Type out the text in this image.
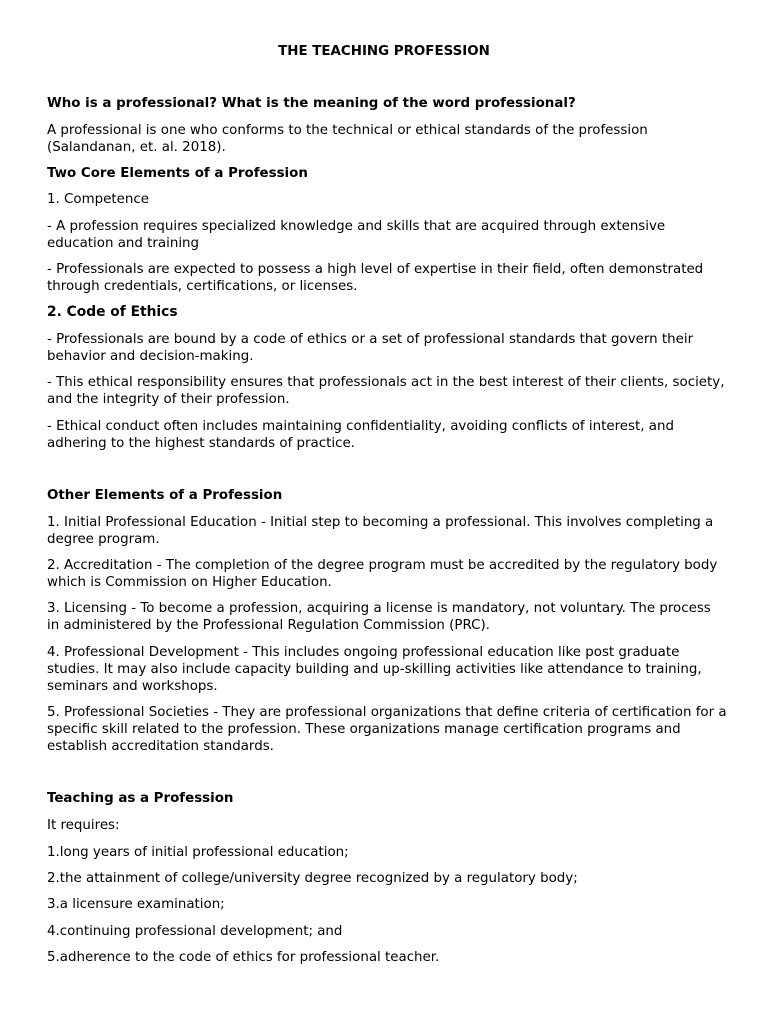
THE TEACHING PROFESSION

Who is a professional? What is the meaning of the word professional?

A professional is one who conforms to the technical or ethical standards of the profession (Salandanan, et. al. 2018).

Two Core Elements of a Profession

1. Competence

- A profession requires specialized knowledge and skills that are acquired through extensive education and training

- Professionals are expected to possess a high level of expertise in their field, often demonstrated through credentials, certifications, or licenses.

2. Code of Ethics

- Professionals are bound by a code of ethics or a set of professional standards that govern their behavior and decision-making.

- This ethical responsibility ensures that professionals act in the best interest of their clients, society, and the integrity of their profession.

- Ethical conduct often includes maintaining confidentiality, avoiding conflicts of interest, and adhering to the highest standards of practice.

Other Elements of a Profession

1. Initial Professional Education - Initial step to becoming a professional. This involves completing a degree program.

2. Accreditation - The completion of the degree program must be accredited by the regulatory body which is Commission on Higher Education.

3. Licensing - To become a profession, acquiring a license is mandatory, not voluntary. The process in administered by the Professional Regulation Commission (PRC).

4. Professional Development - This includes ongoing professional education like post graduate studies. It may also include capacity building and up-skilling activities like attendance to training, seminars and workshops.

5. Professional Societies - They are professional organizations that define criteria of certification for a specific skill related to the profession. These organizations manage certification programs and establish accreditation standards.

Teaching as a Profession

It requires:

1.long years of initial professional education;

2.the attainment of college/university degree recognized by a regulatory body;

3.a licensure examination;

4.continuing professional development; and

5.adherence to the code of ethics for professional teacher.
